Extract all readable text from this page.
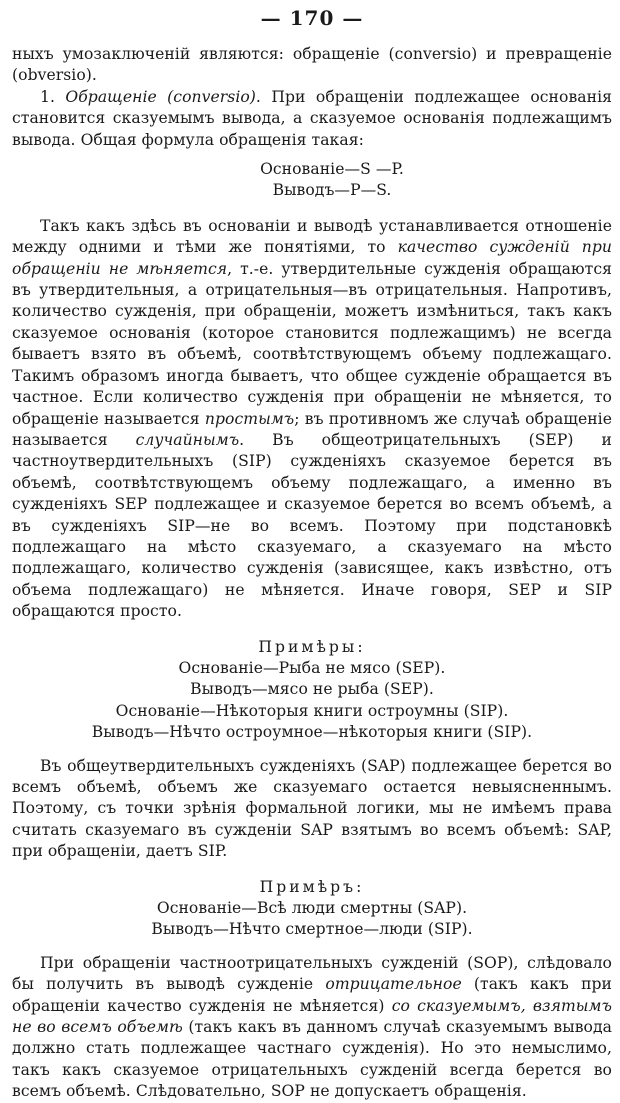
— 170 —

ныхъ умозаключеній являются: обращеніе (conversio) и превращеніе (obversio).

1. Обращеніе (conversio). При обращеніи подлежащее основанія становится сказуемымъ вывода, а сказуемое основанія подлежащимъ вывода. Общая формула обращенія такая:

Основаніе—S —P.
Выводъ—P—S.

Такъ какъ здѣсь въ основаніи и выводѣ устанавливается отношеніе между одними и тѣми же понятіями, то качество сужденій при обращеніи не мѣняется, т.-е. утвердительные сужденія обращаются въ утвердительныя, а отрицательныя—въ отрицательныя. Напротивъ, количество сужденія, при обращеніи, можетъ измѣниться, такъ какъ сказуемое основанія (которое становится подлежащимъ) не всегда бываетъ взято въ объемѣ, соотвѣтствующемъ объему подлежащаго. Такимъ образомъ иногда бываетъ, что общее сужденіе обращается въ частное. Если количество сужденія при обращеніи не мѣняется, то обращеніе называется простымъ; въ противномъ же случаѣ обращеніе называется случайнымъ. Въ общеотрицательныхъ (SEP) и частноутвердительныхъ (SIP) сужденіяхъ сказуемое берется въ объемѣ, соотвѣтствующемъ объему подлежащаго, а именно въ сужденіяхъ SEP подлежащее и сказуемое берется во всемъ объемѣ, а въ сужденіяхъ SIP—не во всемъ. Поэтому при подстановкѣ подлежащаго на мѣсто сказуемаго, а сказуемаго на мѣсто подлежащаго, количество сужденія (зависящее, какъ извѣстно, отъ объема подлежащаго) не мѣняется. Иначе говоря, SEP и SIP обращаются просто.

Примѣры:
Основаніе—Рыба не мясо (SEP).
Выводъ—мясо не рыба (SEP).
Основаніе—Нѣкоторыя книги остроумны (SIP).
Выводъ—Нѣчто остроумное—нѣкоторыя книги (SIP).

Въ общеутвердительныхъ сужденіяхъ (SAP) подлежащее берется во всемъ объемѣ, объемъ же сказуемаго остается невыясненнымъ. Поэтому, съ точки зрѣнія формальной логики, мы не имѣемъ права считать сказуемаго въ сужденіи SAP взятымъ во всемъ объемѣ: SAP, при обращеніи, даетъ SIP.

Примѣръ:
Основаніе—Всѣ люди смертны (SAP).
Выводъ—Нѣчто смертное—люди (SIP).

При обращеніи частноотрицательныхъ сужденій (SOP), слѣдовало бы получить въ выводѣ сужденіе отрицательное (такъ какъ при обращеніи качество сужденія не мѣняется) со сказуемымъ, взятымъ не во всемъ объемѣ (такъ какъ въ данномъ случаѣ сказуемымъ вывода должно стать подлежащее частнаго сужденія). Но это немыслимо, такъ какъ сказуемое отрицательныхъ сужденій всегда берется во всемъ объемѣ. Слѣдовательно, SOP не допускаетъ обращенія.
